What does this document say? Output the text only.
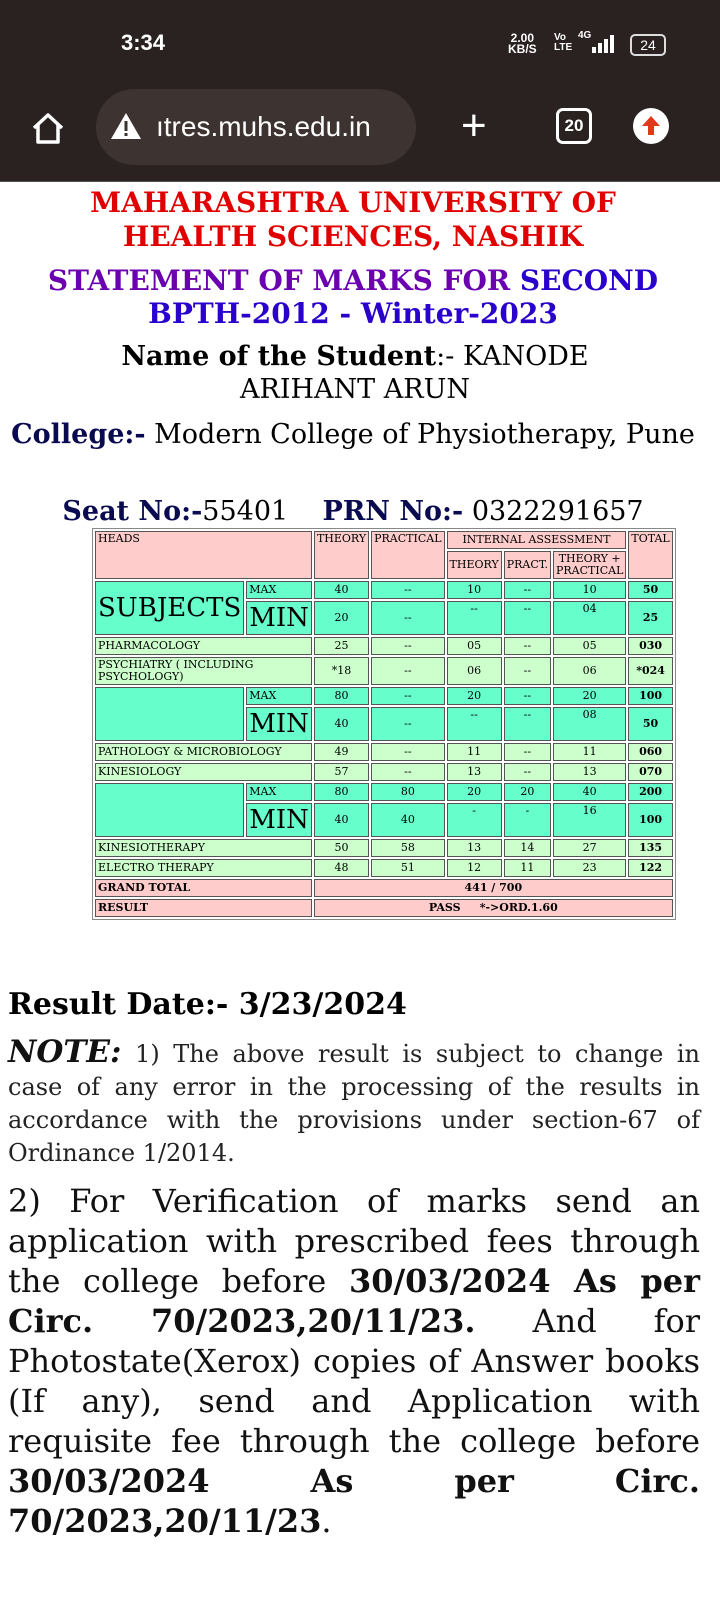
3:34	2.00
KB/S
Vo
LTE
4G
24
ıtres.muhs.edu.in +	20
MAHARASHTRA UNIVERSITY OF
HEALTH SCIENCES, NASHIK
STATEMENT OF MARKS FOR SECOND
BPTH-2012 - Winter-2023
Name of the Student:- KANODE ARIHANT ARUN
College:- Modern College of Physiotherapy, Pune
Seat No:-55401 PRN No:- 0322291657
HEADS		THEORY	PRACTICAL	INTERNAL ASSESSMENT			TOTAL
				THEORY	PRACT.	THEORY + PRACTICAL	
SUBJECTS	MAX	40	--	10	--	10	50
	MIN	20	--	--	--	04	25
PHARMACOLOGY		25	--	05	--	05	030
PSYCHIATRY ( INCLUDING PSYCHOLOGY)		*18	--	06	--	06	*024
	MAX	80	--	20	--	20	100
	MIN	40	--	--	--	08	50
PATHOLOGY & MICROBIOLOGY		49	--	11	--	11	060
KINESIOLOGY		57	--	13	--	13	070
	MAX	80	80	20	20	40	200
	MIN	40	40	-	-	16	100
KINESIOTHERAPY		50	58	13	14	27	135
ELECTRO THERAPY		48	51	12	11	23	122
GRAND TOTAL		441 / 700					
RESULT		PASS *->ORD.1.60					
Result Date:- 3/23/2024
NOTE: 1) The above result is subject to change in case of any error in the processing of the results in accordance with the provisions under section-67 of Ordinance 1/2014.
2) For Verification of marks send an application with prescribed fees through the college before 30/03/2024 As per Circ. 70/2023,20/11/23. And for Photostate(Xerox) copies of Answer books (If any), send and Application with requisite fee through the college before 30/03/2024 As per Circ. 70/2023,20/11/23.
